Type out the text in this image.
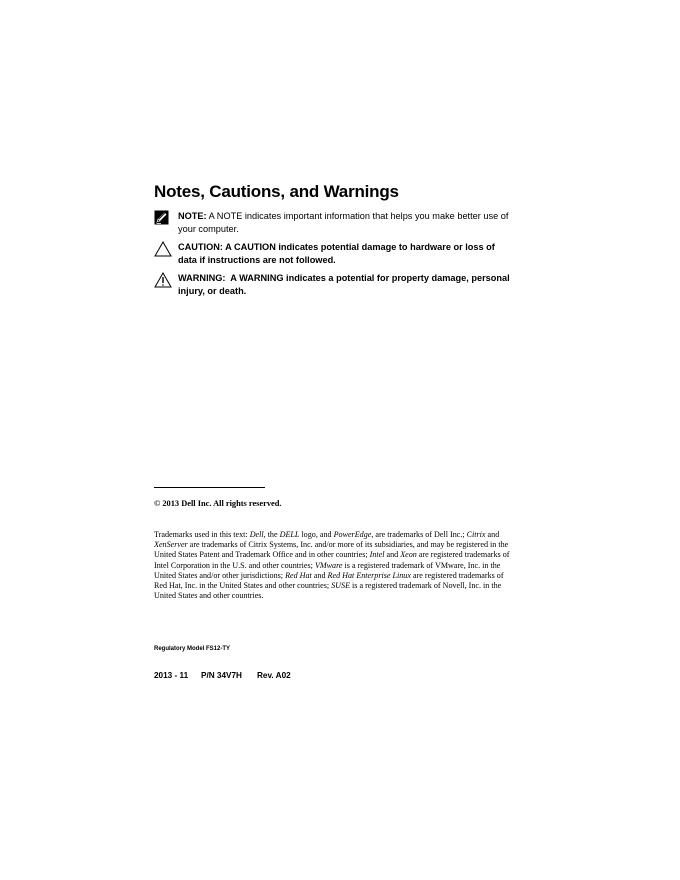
Notes, Cautions, and Warnings
NOTE: A NOTE indicates important information that helps you make better use of your computer.
CAUTION: A CAUTION indicates potential damage to hardware or loss of data if instructions are not followed.
WARNING:  A WARNING indicates a potential for property damage, personal injury, or death.
© 2013 Dell Inc. All rights reserved.
Trademarks used in this text: Dell, the DELL logo, and PowerEdge, are trademarks of Dell Inc.; Citrix and XenServer are trademarks of Citrix Systems, Inc. and/or more of its subsidiaries, and may be registered in the United States Patent and Trademark Office and in other countries; Intel and Xeon are registered trademarks of Intel Corporation in the U.S. and other countries; VMware is a registered trademark of VMware, Inc. in the United States and/or other jurisdictions; Red Hat and Red Hat Enterprise Linux are registered trademarks of Red Hat, Inc. in the United States and other countries; SUSE is a registered trademark of Novell, Inc. in the United States and other countries.
Regulatory Model FS12-TY
2013 - 11 P/N 34V7H Rev. A02
